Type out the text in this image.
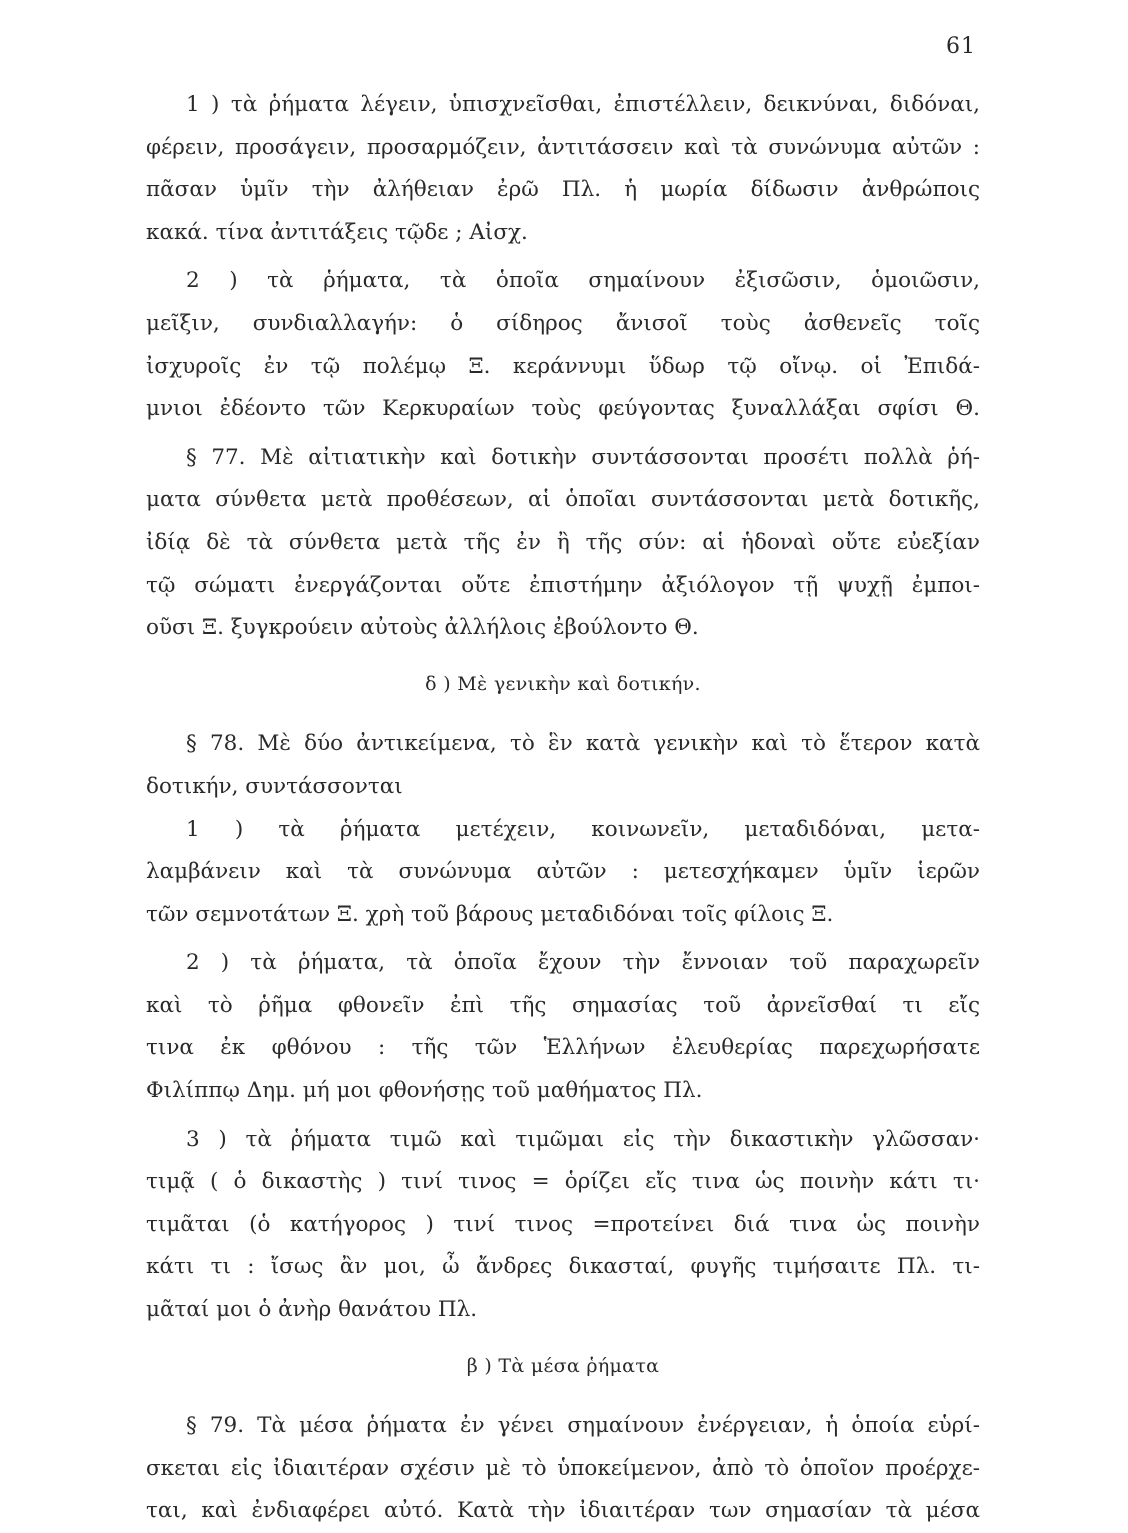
61
1 ) τὰ ῥήματα λέγειν, ὑπισχνεῖσθαι, ἐπιστέλλειν, δεικνύναι, διδόναι,
φέρειν, προσάγειν, προσαρμόζειν, ἀντιτάσσειν καὶ τὰ συνώνυμα αὐτῶν :
πᾶσαν ὑμῖν τὴν ἀλήθειαν ἐρῶ Πλ. ἡ μωρία δίδωσιν ἀνθρώποις
κακά. τίνα ἀντιτάξεις τῷδε ; Αἰσχ.
2 ) τὰ ῥήματα, τὰ ὁποῖα σημαίνουν ἐξισῶσιν, ὁμοιῶσιν,
μεῖξιν, συνδιαλλαγήν: ὁ σίδηρος ἄνισοῖ τοὺς ἀσθενεῖς τοῖς
ἰσχυροῖς ἐν τῷ πολέμῳ Ξ. κεράννυμι ὕδωρ τῷ οἴνῳ. οἱ Ἐπιδά-
μνιοι ἐδέοντο τῶν Κερκυραίων τοὺς φεύγοντας ξυναλλάξαι σφίσι Θ.
§ 77. Μὲ αἰτιατικὴν καὶ δοτικὴν συντάσσονται προσέτι πολλὰ ῥή-
ματα σύνθετα μετὰ προθέσεων, αἱ ὁποῖαι συντάσσονται μετὰ δοτικῆς,
ἰδίᾳ δὲ τὰ σύνθετα μετὰ τῆς ἐν ἢ τῆς σύν: αἱ ἡδοναὶ οὔτε εὐεξίαν
τῷ σώματι ἐνεργάζονται οὔτε ἐπιστήμην ἀξιόλογον τῇ ψυχῇ ἐμποι-
οῦσι Ξ. ξυγκρούειν αὐτοὺς ἀλλήλοις ἐβούλοντο Θ.
δ ) Μὲ γενικὴν καὶ δοτικήν.
§ 78. Μὲ δύο ἀντικείμενα, τὸ ἓν κατὰ γενικὴν καὶ τὸ ἕτερον κατὰ
δοτικήν, συντάσσονται
1 ) τὰ ῥήματα μετέχειν, κοινωνεῖν, μεταδιδόναι, μετα-
λαμβάνειν καὶ τὰ συνώνυμα αὐτῶν : μετεσχήκαμεν ὑμῖν ἱερῶν
τῶν σεμνοτάτων Ξ. χρὴ τοῦ βάρους μεταδιδόναι τοῖς φίλοις Ξ.
2 ) τὰ ῥήματα, τὰ ὁποῖα ἔχουν τὴν ἔννοιαν τοῦ παραχωρεῖν
καὶ τὸ ῥῆμα φθονεῖν ἐπὶ τῆς σημασίας τοῦ ἀρνεῖσθαί τι εἴς
τινα ἐκ φθόνου : τῆς τῶν Ἑλλήνων ἐλευθερίας παρεχωρήσατε
Φιλίππῳ Δημ. μή μοι φθονήσῃς τοῦ μαθήματος Πλ.
3 ) τὰ ῥήματα τιμῶ καὶ τιμῶμαι εἰς τὴν δικαστικὴν γλῶσσαν·
τιμᾷ ( ὁ δικαστὴς ) τινί τινος = ὁρίζει εἴς τινα ὡς ποινὴν κάτι τι·
τιμᾶται (ὁ κατήγορος ) τινί τινος =προτείνει διά τινα ὡς ποινὴν
κάτι τι : ἴσως ἂν μοι, ὦ ἄνδρες δικασταί, φυγῆς τιμήσαιτε Πλ. τι-
μᾶταί μοι ὁ ἀνὴρ θανάτου Πλ.
β ) Τὰ μέσα ῥήματα
§ 79. Τὰ μέσα ῥήματα ἐν γένει σημαίνουν ἐνέργειαν, ἡ ὁποία εὑρί-
σκεται εἰς ἰδιαιτέραν σχέσιν μὲ τὸ ὑποκείμενον, ἀπὸ τὸ ὁποῖον προέρχε-
ται, καὶ ἐνδιαφέρει αὐτό. Κατὰ τὴν ἰδιαιτέραν των σημασίαν τὰ μέσα
